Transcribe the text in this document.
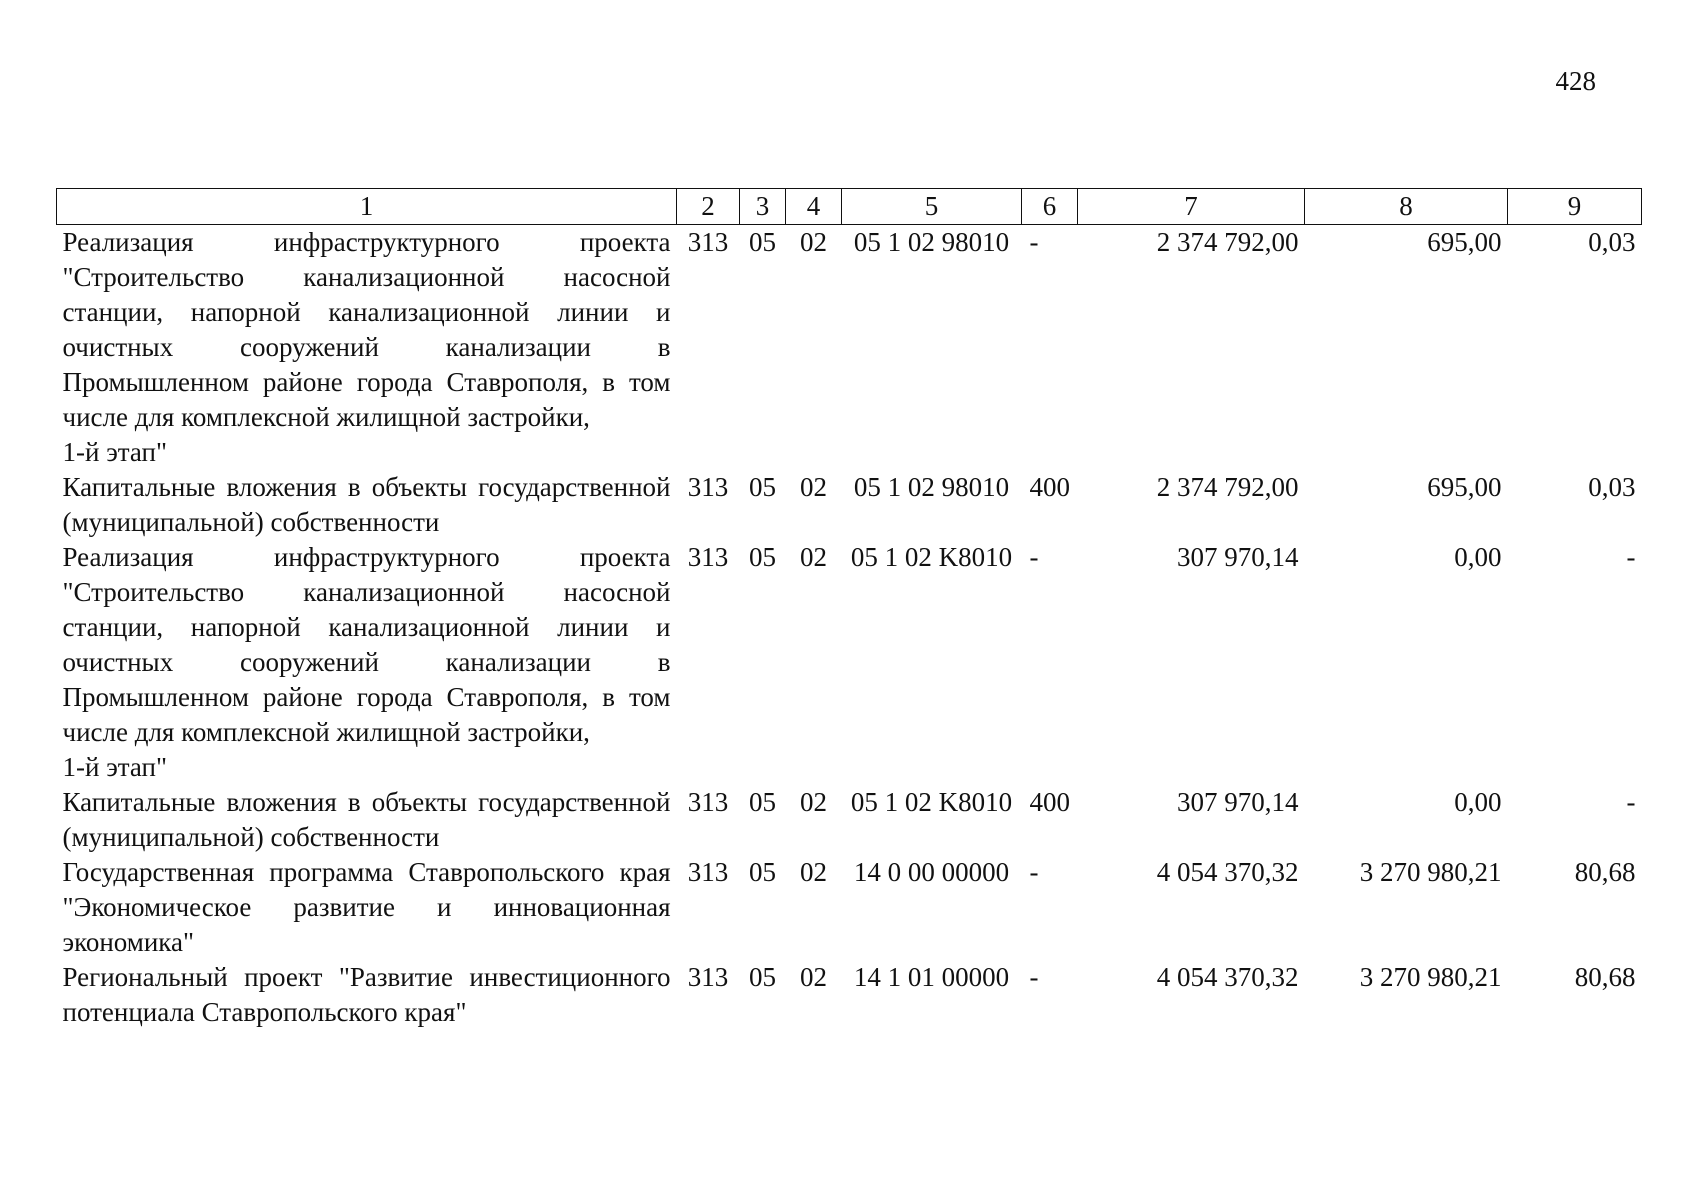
428
1	2	3	4	5	6	7	8	9

Реализация инфраструктурного проекта "Строительство канализационной насосной станции, напорной канализационной линии и очистных сооружений канализации в Промышленном районе города Ставрополя, в том числе для комплексной жилищной застройки,
1-й этап"	313	05	02	05 1 02 98010	-	2 374 792,00	695,00	0,03
Капитальные вложения в объекты государственной (муниципальной) собственности	313	05	02	05 1 02 98010	400	2 374 792,00	695,00	0,03

Реализация инфраструктурного проекта "Строительство канализационной насосной станции, напорной канализационной линии и очистных сооружений канализации в Промышленном районе города Ставрополя, в том числе для комплексной жилищной застройки,
1-й этап"	313	05	02	05 1 02 K8010	-	307 970,14	0,00	-
Капитальные вложения в объекты государственной (муниципальной) собственности	313	05	02	05 1 02 K8010	400	307 970,14	0,00	-
Государственная программа Ставропольского края "Экономическое развитие и инновационная экономика"	313	05	02	14 0 00 00000	-	4 054 370,32	3 270 980,21	80,68
Региональный проект "Развитие инвестиционного потенциала Ставропольского края"	313	05	02	14 1 01 00000	-	4 054 370,32	3 270 980,21	80,68
